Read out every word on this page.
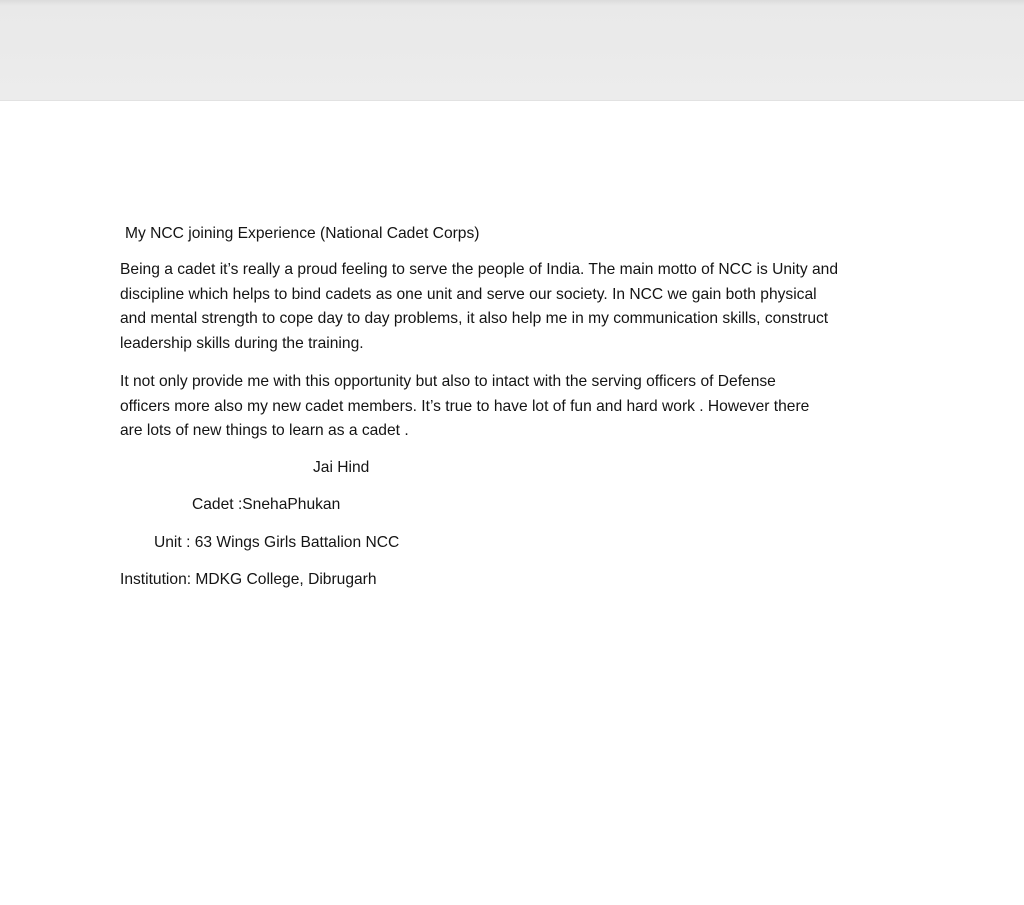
My NCC joining Experience (National Cadet Corps)
Being a cadet it’s really a proud feeling to serve the people of India. The main motto of NCC is Unity and
discipline which helps to bind cadets as one unit and serve our society. In NCC we gain both physical
and mental strength to cope day to day problems, it also help me in my communication skills, construct
leadership skills during the training.
It not only provide me with this opportunity but also to intact with the serving officers of Defense
officers more also my new cadet members. It’s true to have lot of fun and hard work . However there
are lots of new things to learn as a cadet .
Jai Hind
Cadet :SnehaPhukan
Unit : 63 Wings Girls Battalion NCC
Institution: MDKG College, Dibrugarh
